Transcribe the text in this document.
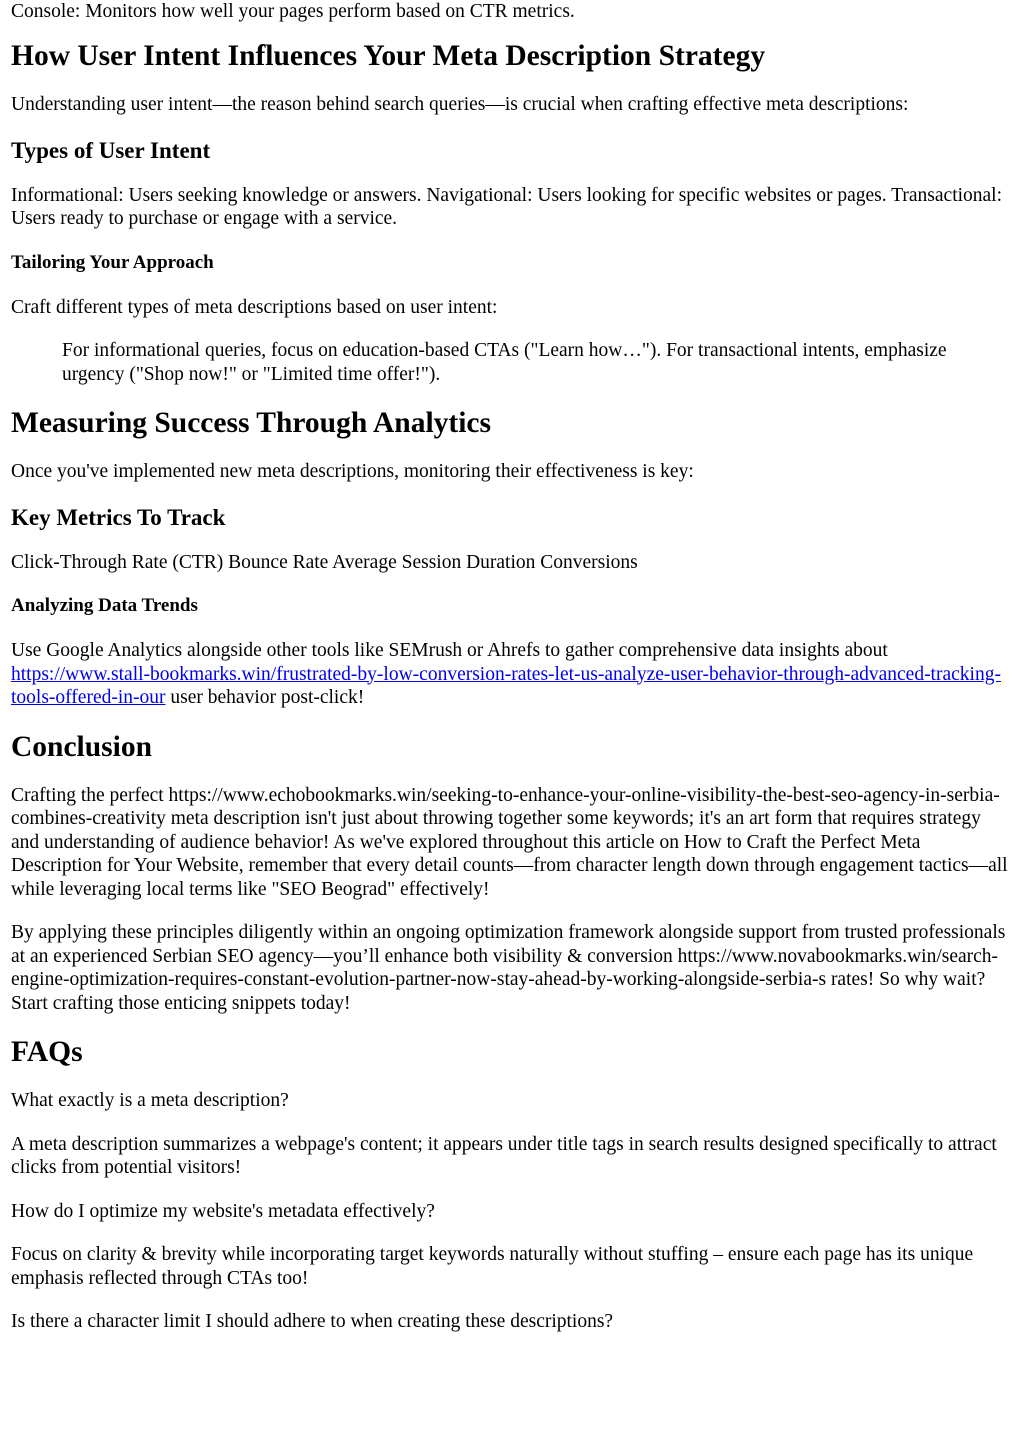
Console: Monitors how well your pages perform based on CTR metrics.

How User Intent Influences Your Meta Description Strategy

Understanding user intent—the reason behind search queries—is crucial when crafting effective meta descriptions:

Types of User Intent

Informational: Users seeking knowledge or answers. Navigational: Users looking for specific websites or pages. Transactional: Users ready to purchase or engage with a service.

Tailoring Your Approach

Craft different types of meta descriptions based on user intent:

For informational queries, focus on education-based CTAs ("Learn how…"). For transactional intents, emphasize urgency ("Shop now!" or "Limited time offer!").
Measuring Success Through Analytics

Once you've implemented new meta descriptions, monitoring their effectiveness is key:

Key Metrics To Track

Click-Through Rate (CTR) Bounce Rate Average Session Duration Conversions

Analyzing Data Trends

Use Google Analytics alongside other tools like SEMrush or Ahrefs to gather comprehensive data insights about https://www.stall-bookmarks.win/frustrated-by-low-conversion-rates-let-us-analyze-user-behavior-through-advanced-tracking-tools-offered-in-our user behavior post-click!

Conclusion

Crafting the perfect https://www.echobookmarks.win/seeking-to-enhance-your-online-visibility-the-best-seo-agency-in-serbia-combines-creativity meta description isn't just about throwing together some keywords; it's an art form that requires strategy and understanding of audience behavior! As we've explored throughout this article on How to Craft the Perfect Meta Description for Your Website, remember that every detail counts—from character length down through engagement tactics—all while leveraging local terms like "SEO Beograd" effectively!

By applying these principles diligently within an ongoing optimization framework alongside support from trusted professionals at an experienced Serbian SEO agency—you’ll enhance both visibility & conversion https://www.novabookmarks.win/search-engine-optimization-requires-constant-evolution-partner-now-stay-ahead-by-working-alongside-serbia-s rates! So why wait? Start crafting those enticing snippets today!

FAQs

What exactly is a meta description?

A meta description summarizes a webpage's content; it appears under title tags in search results designed specifically to attract clicks from potential visitors!

How do I optimize my website's metadata effectively?

Focus on clarity & brevity while incorporating target keywords naturally without stuffing – ensure each page has its unique emphasis reflected through CTAs too!

Is there a character limit I should adhere to when creating these descriptions?
